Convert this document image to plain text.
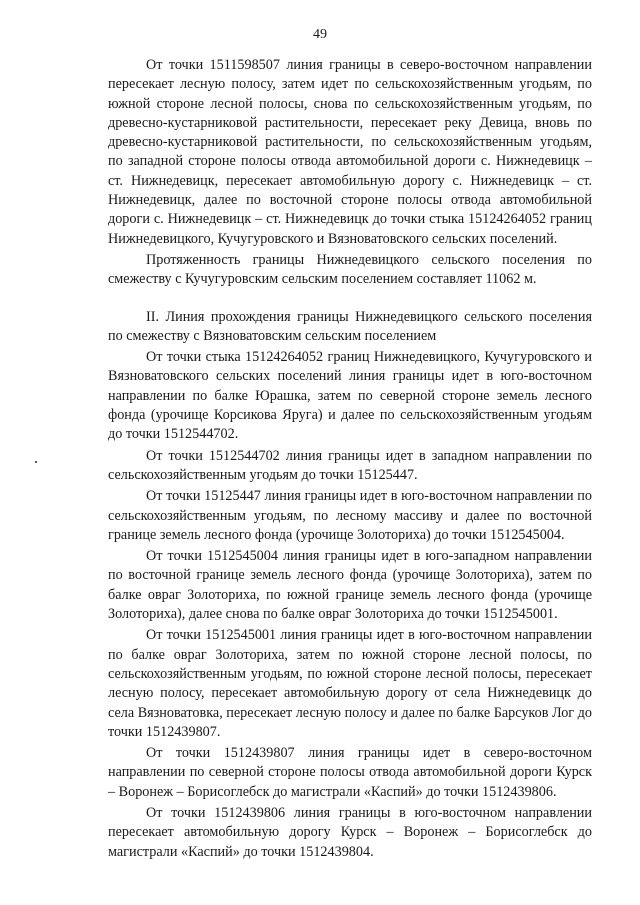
49

От точки 1511598507 линия границы в северо-восточном направлении пересекает лесную полосу, затем идет по сельскохозяйственным угодьям, по южной стороне лесной полосы, снова по сельскохозяйственным угодьям, по древесно-кустарниковой растительности, пересекает реку Девица, вновь по древесно-кустарниковой растительности, по сельскохозяйственным угодьям, по западной стороне полосы отвода автомобильной дороги с. Нижнедевицк – ст. Нижнедевицк, пересекает автомобильную дорогу с. Нижнедевицк – ст. Нижнедевицк, далее по восточной стороне полосы отвода автомобильной дороги с. Нижнедевицк – ст. Нижнедевицк до точки стыка 15124264052 границ Нижнедевицкого, Кучугуровского и Вязноватовского сельских поселений.

Протяженность границы Нижнедевицкого сельского поселения по смежеству с Кучугуровским сельским поселением составляет 11062 м.

II. Линия прохождения границы Нижнедевицкого сельского поселения по смежеству с Вязноватовским сельским поселением

От точки стыка 15124264052 границ Нижнедевицкого, Кучугуровского и Вязноватовского сельских поселений линия границы идет в юго-восточном направлении по балке Юрашка, затем по северной стороне земель лесного фонда (урочище Корсикова Яруга) и далее по сельскохозяйственным угодьям до точки 1512544702.

От точки 1512544702 линия границы идет в западном направлении по сельскохозяйственным угодьям до точки 15125447.

От точки 15125447 линия границы идет в юго-восточном направлении по сельскохозяйственным угодьям, по лесному массиву и далее по восточной границе земель лесного фонда (урочище Золоториха) до точки 1512545004.

От точки 1512545004 линия границы идет в юго-западном направлении по восточной границе земель лесного фонда (урочище Золоториха), затем по балке овраг Золоториха, по южной границе земель лесного фонда (урочище Золоториха), далее снова по балке овраг Золоториха до точки 1512545001.

От точки 1512545001 линия границы идет в юго-восточном направлении по балке овраг Золоториха, затем по южной стороне лесной полосы, по сельскохозяйственным угодьям, по южной стороне лесной полосы, пересекает лесную полосу, пересекает автомобильную дорогу от села Нижнедевицк до села Вязноватовка, пересекает лесную полосу и далее по балке Барсуков Лог до точки 1512439807.

От точки 1512439807 линия границы идет в северо-восточном направлении по северной стороне полосы отвода автомобильной дороги Курск – Воронеж – Борисоглебск до магистрали «Каспий» до точки 1512439806.

От точки 1512439806 линия границы в юго-восточном направлении пересекает автомобильную дорогу Курск – Воронеж – Борисоглебск до магистрали «Каспий» до точки 1512439804.
